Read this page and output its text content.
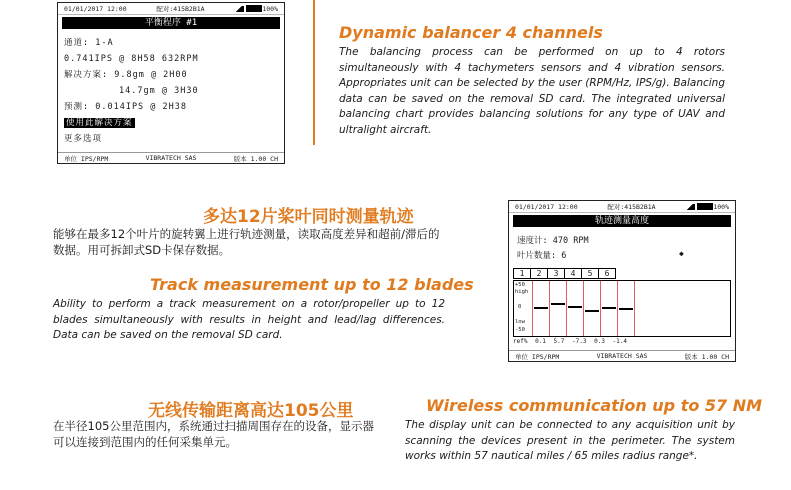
01/01/2017 12:00	配对:415B2B1A	100%
平衡程序 #1
通道: 1-A
0.741IPS @ 8H58 632RPM
解决方案: 9.8gm @ 2H00
14.7gm @ 3H30
预测: 0.014IPS @ 2H38
使用此解决方案
更多选项
单位 IPS/RPM	VIBRATECH SAS	版本 1.00 CH
Dynamic balancer 4 channels
The balancing process can be performed on up to 4 rotors simultaneously with 4 tachymeters sensors and 4 vibration sensors. Appropriates unit can be selected by the user (RPM/Hz, IPS/g). Balancing data can be saved on the removal SD card. The integrated universal balancing chart provides balancing solutions for any type of UAV and ultralight aircraft.
多达12片桨叶同时测量轨迹
能够在最多12个叶片的旋转翼上进行轨迹测量，读取高度差异和超前/滞后的数据。用可拆卸式SD卡保存数据。
Track measurement up to 12 blades
Ability to perform a track measurement on a rotor/propeller up to 12 blades simultaneously with results in height and lead/lag differences. Data can be saved on the removal SD card.
01/01/2017 12:00	配对:415B2B1A	100%
轨迹测量高度
速度计: 470 RPM
叶片数量: 6	◆
1	2	3	4	5	6
+50
high
0
low
-50
ref% 0.1 5.7 -7.3 0.3 -1.4
单位 IPS/RPM	VIBRATECH SAS	版本 1.00 CH
无线传输距离高达105公里
在半径105公里范围内，系统通过扫描周围存在的设备，显示器可以连接到范围内的任何采集单元。
Wireless communication up to 57 NM
The display unit can be connected to any acquisition unit by scanning the devices present in the perimeter. The system works within 57 nautical miles / 65 miles radius range*.
